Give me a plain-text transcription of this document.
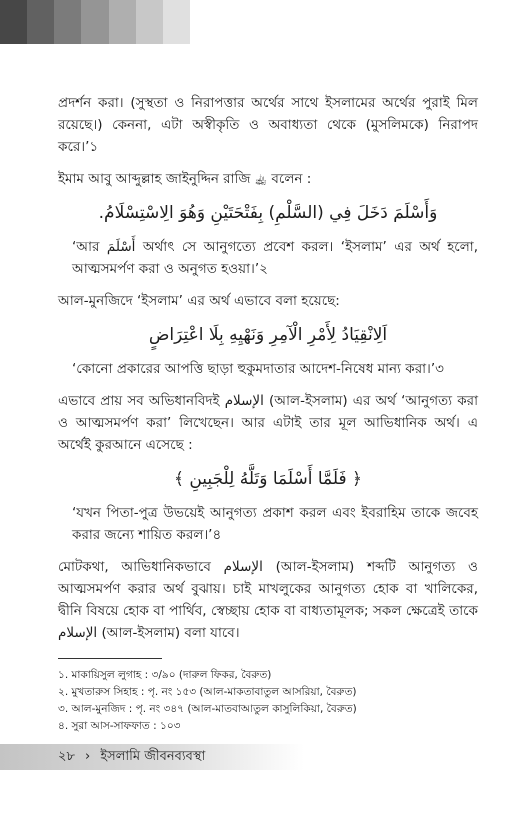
প্রদর্শন করা। (সুস্থতা ও নিরাপত্তার অর্থের সাথে ইসলামের অর্থের পুরাই মিল রয়েছে।) কেননা, এটা অস্বীকৃতি ও অবাধ্যতা থেকে (মুসলিমকে) নিরাপদ করে।’১

ইমাম আবু আব্দুল্লাহ জাইনুদ্দিন রাজি ﵀ বলেন :

وَأَسْلَمَ دَخَلَ فِي (السَّلْمِ) بِفَتْحَتَيْنِ وَهُوَ الِاسْتِسْلَامُ.

‘আর أَسْلَمَ অর্থাৎ সে আনুগত্যে প্রবেশ করল। ‘ইসলাম’ এর অর্থ হলো, আত্মসমর্পণ করা ও অনুগত হওয়া।’২

আল-মুনজিদে ‘ইসলাম’ এর অর্থ এভাবে বলা হয়েছে:

اَلِانْقِيَادُ لِأَمْرِ الْآمِرِ وَنَهْيِهِ بِلَا اعْتِرَاضٍ

‘কোনো প্রকারের আপত্তি ছাড়া হুকুমদাতার আদেশ-নিষেধ মান্য করা।’৩

এভাবে প্রায় সব অভিধানবিদই الإسلام (আল-ইসলাম) এর অর্থ ‘আনুগত্য করা ও আত্মসমর্পণ করা’ লিখেছেন। আর এটাই তার মূল আভিধানিক অর্থ। এ অর্থেই কুরআনে এসেছে :

﴿ فَلَمَّا أَسْلَمَا وَتَلَّهُ لِلْجَبِينِ ﴾

‘যখন পিতা-পুত্র উভয়েই আনুগত্য প্রকাশ করল এবং ইবরাহিম তাকে জবেহ করার জন্যে শায়িত করল।’৪

মোটকথা, আভিধানিকভাবে الإسلام (আল-ইসলাম) শব্দটি আনুগত্য ও আত্মসমর্পণ করার অর্থ বুঝায়। চাই মাখলুকের আনুগত্য হোক বা খালিকের, দ্বীনি বিষয়ে হোক বা পার্থিব, স্বেচ্ছায় হোক বা বাধ্যতামূলক; সকল ক্ষেত্রেই তাকে الإسلام (আল-ইসলাম) বলা যাবে।

১. মাকায়িসুল লুগাহ : ৩/৯০ (দারুল ফিকর, বৈরুত)

২. মুখতারুস সিহাহ : পৃ. নং ১৫৩ (আল-মাকতাবাতুল আসরিয়া, বৈরুত)

৩. আল-মুনজিদ : পৃ. নং ৩৪৭ (আল-মাতবাআতুল কাসুলিকিয়া, বৈরুত)

৪. সুরা আস-সাফফাত : ১০৩

২৮ › ইসলামি জীবনব্যবস্থা
